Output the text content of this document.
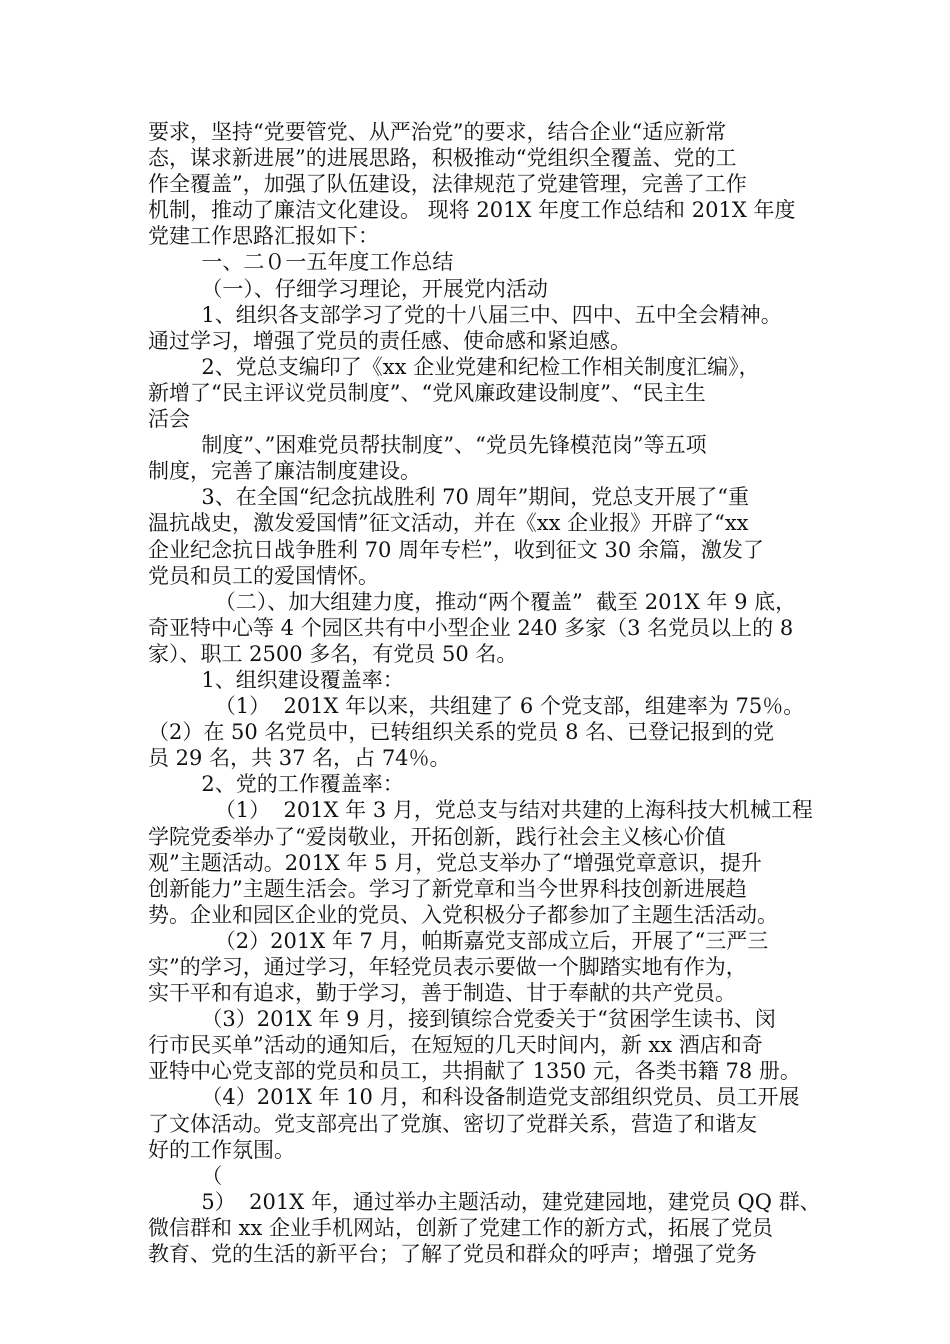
要求，坚持“党要管党、从严治党”的要求，结合企业“适应新常
态，谋求新进展”的进展思路，积极推动“党组织全覆盖、党的工
作全覆盖”，加强了队伍建设，法律规范了党建管理，完善了工作
机制，推动了廉洁文化建设。 现将 201X 年度工作总结和 201X 年度
党建工作思路汇报如下：
一、二０一五年度工作总结
（一）、仔细学习理论，开展党内活动
1、组织各支部学习了党的十八届三中、四中、五中全会精神。
通过学习，增强了党员的责任感、使命感和紧迫感。
2、党总支编印了《xx 企业党建和纪检工作相关制度汇编》，
新增了“民主评议党员制度”、“党风廉政建设制度”、“民主生
活会
制度”、”困难党员帮扶制度”、“党员先锋模范岗”等五项
制度，完善了廉洁制度建设。
3、在全国“纪念抗战胜利 70 周年”期间，党总支开展了“重
温抗战史，激发爱国情”征文活动，并在《xx 企业报》开辟了“xx
企业纪念抗日战争胜利 70 周年专栏”，收到征文 30 余篇，激发了
党员和员工的爱国情怀。
（二）、加大组建力度，推动“两个覆盖”  截至 201X 年 9 底，
奇亚特中心等 4 个园区共有中小型企业 240 多家（3 名党员以上的 8
家）、职工 2500 多名，有党员 50 名。
1、组织建设覆盖率：
（1）  201X 年以来，共组建了 6 个党支部，组建率为 75％。
（2）在 50 名党员中，已转组织关系的党员 8 名、已登记报到的党
员 29 名，共 37 名，占 74％。
2、党的工作覆盖率：
（1）  201X 年 3 月，党总支与结对共建的上海科技大机械工程
学院党委举办了“爱岗敬业，开拓创新，践行社会主义核心价值
观”主题活动。201X 年 5 月，党总支举办了“增强党章意识，提升
创新能力”主题生活会。学习了新党章和当今世界科技创新进展趋
势。企业和园区企业的党员、入党积极分子都参加了主题生活活动。
（2）201X 年 7 月，帕斯嘉党支部成立后，开展了“三严三
实”的学习，通过学习，年轻党员表示要做一个脚踏实地有作为，
实干平和有追求，勤于学习，善于制造、甘于奉献的共产党员。
（3）201X 年 9 月，接到镇综合党委关于“贫困学生读书、闵
行市民买单”活动的通知后，在短短的几天时间内，新 xx 酒店和奇
亚特中心党支部的党员和员工，共捐献了 1350 元，各类书籍 78 册。
（4）201X 年 10 月，和科设备制造党支部组织党员、员工开展
了文体活动。党支部亮出了党旗、密切了党群关系，营造了和谐友
好的工作氛围。
（
5）  201X 年，通过举办主题活动，建党建园地，建党员 QQ 群、
微信群和 xx 企业手机网站，创新了党建工作的新方式，拓展了党员
教育、党的生活的新平台；了解了党员和群众的呼声；增强了党务
